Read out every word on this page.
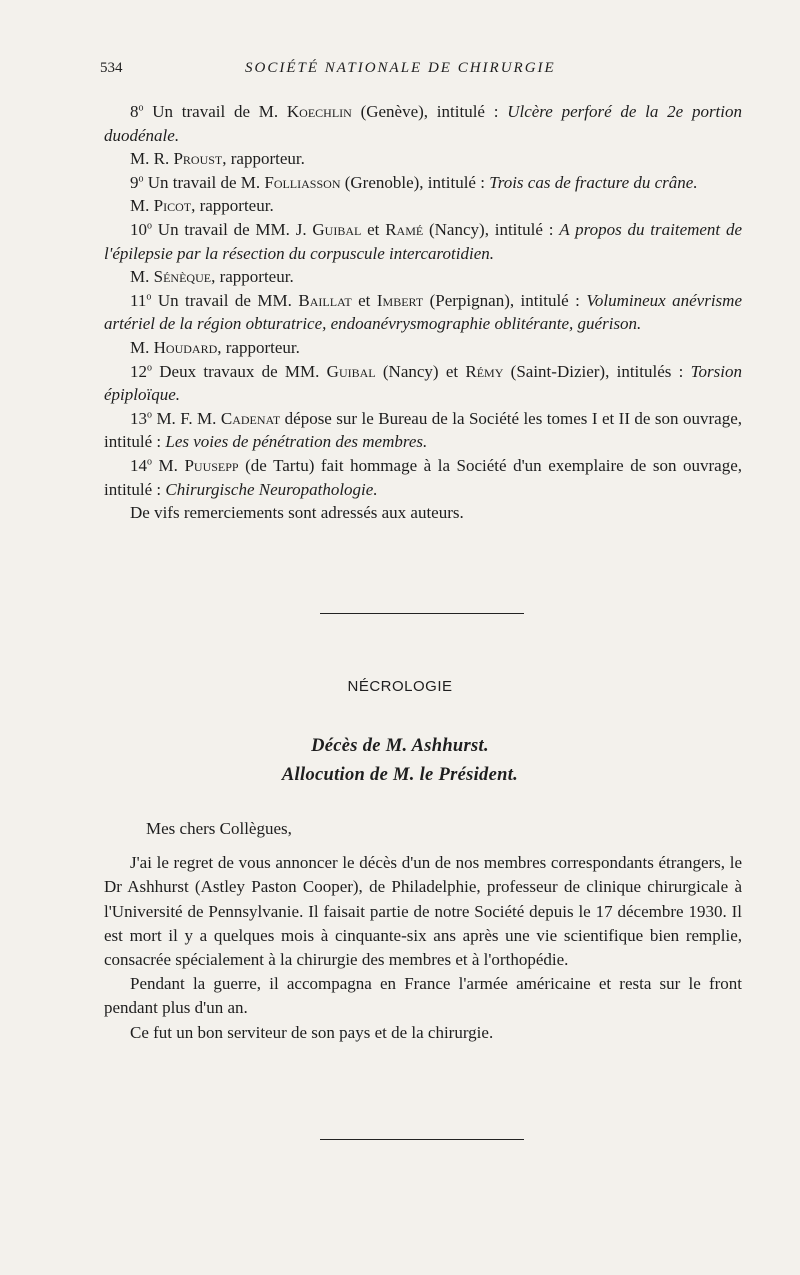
534	SOCIÉTÉ NATIONALE DE CHIRURGIE

8$^o$ Un travail de M. Koechlin (Genève), intitulé : Ulcère perforé de la 2e portion duodénale.

M. R. Proust, rapporteur.

9$^o$ Un travail de M. Folliasson (Grenoble), intitulé : Trois cas de fracture du crâne.

M. Picot, rapporteur.

10$^o$ Un travail de MM. J. Guibal et Ramé (Nancy), intitulé : A propos du traitement de l'épilepsie par la résection du corpuscule intercarotidien.

M. Sénèque, rapporteur.

11$^o$ Un travail de MM. Baillat et Imbert (Perpignan), intitulé : Volumineux anévrisme artériel de la région obturatrice, endoanévrysmographie oblitérante, guérison.

M. Houdard, rapporteur.

12$^o$ Deux travaux de MM. Guibal (Nancy) et Rémy (Saint-Dizier), intitulés : Torsion épiploïque.

13$^o$ M. F. M. Cadenat dépose sur le Bureau de la Société les tomes I et II de son ouvrage, intitulé : Les voies de pénétration des membres.

14$^o$ M. Puusepp (de Tartu) fait hommage à la Société d'un exemplaire de son ouvrage, intitulé : Chirurgische Neuropathologie.

De vifs remerciements sont adressés aux auteurs.

NÉCROLOGIE
Décès de M. Ashhurst.
Allocution de M. le Président.

Mes chers Collègues,

J'ai le regret de vous annoncer le décès d'un de nos membres correspondants étrangers, le Dr Ashhurst (Astley Paston Cooper), de Philadelphie, professeur de clinique chirurgicale à l'Université de Pennsylvanie. Il faisait partie de notre Société depuis le 17 décembre 1930. Il est mort il y a quelques mois à cinquante-six ans après une vie scientifique bien remplie, consacrée spécialement à la chirurgie des membres et à l'orthopédie.

Pendant la guerre, il accompagna en France l'armée américaine et resta sur le front pendant plus d'un an.

Ce fut un bon serviteur de son pays et de la chirurgie.
